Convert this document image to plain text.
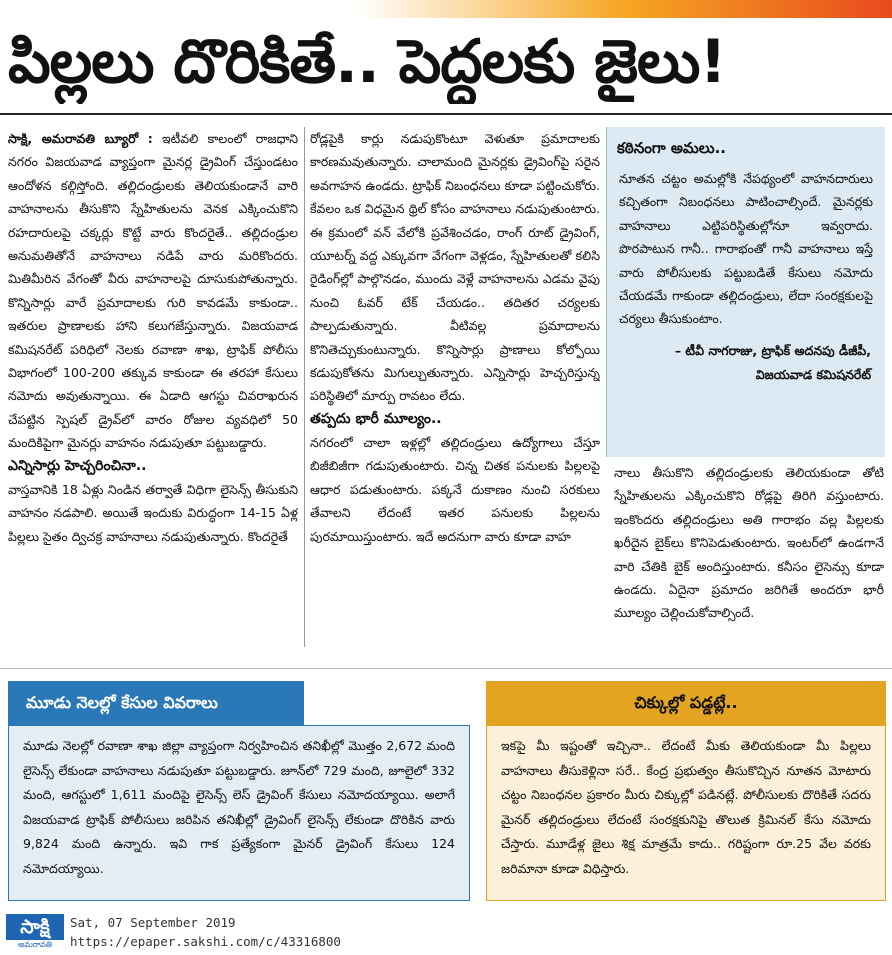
పిల్లలు దొరికితే.. పెద్దలకు జైలు!

సాక్షి, అమరావతి బ్యూరో : ఇటీవలి కాలంలో రాజధాని నగరం విజయవాడ వ్యాప్తంగా మైనర్ల డ్రైవింగ్ చేస్తుండటం ఆందోళన కల్గిస్తోంది. తల్లిదండ్రులకు తెలియకుండానే వారి వాహనాలను తీసుకొని స్నేహితులను వెనక ఎక్కించుకొని రహదారులపై చక్కర్లు కొట్టే వారు కొందరైతే.. తల్లిదండ్రుల అనుమతితోనే వాహనాలు నడిపే వారు మరికొందరు. మితిమీరిన వేగంతో వీరు వాహనాలపై దూసుకుపోతున్నారు. కొన్నిసార్లు వారే ప్రమాదాలకు గురి కావడమే కాకుండా.. ఇతరుల ప్రాణాలకు హాని కలుగజేస్తున్నారు. విజయవాడ కమిషనరేట్ పరిధిలో నెలకు రవాణా శాఖ, ట్రాఫిక్ పోలీసు విభాగంలో 100-200 తక్కువ కాకుండా ఈ తరహా కేసులు నమోదు అవుతున్నాయి. ఈ ఏడాది ఆగస్టు చివరాఖరున చేపట్టిన స్పెషల్ డ్రైవ్‌లో వారం రోజుల వ్యవధిలో 50 మందికిపైగా మైనర్లు వాహనం నడుపుతూ పట్టుబడ్డారు.

ఎన్నిసార్లు హెచ్చరించినా..

వాస్తవానికి 18 ఏళ్లు నిండిన తర్వాతే విధిగా లైసెన్స్ తీసుకుని వాహనం నడపాలి. అయితే ఇందుకు విరుద్ధంగా 14-15 ఏళ్ల పిల్లలు సైతం ద్విచక్ర వాహనాలు నడుపుతున్నారు. కొందరైతే

రోడ్లపైకి కార్లు నడుపుకొంటూ వెళుతూ ప్రమాదాలకు కారణమవుతున్నారు. చాలామంది మైనర్లకు డ్రైవింగ్‌పై సరైన అవగాహన ఉండదు. ట్రాఫిక్ నిబంధనలు కూడా పట్టించుకోరు. కేవలం ఒక విధమైన థ్రిల్ కోసం వాహనాలు నడుపుతుంటారు. ఈ క్రమంలో వన్ వేలోకి ప్రవేశించడం, రాంగ్ రూట్ డ్రైవింగ్, యూటర్న్ వద్ద ఎక్కువగా వేగంగా వెళ్లడం, స్నేహితులతో కలిసి రైడింగ్‌ల్లో పాల్గొనడం, ముందు వెళ్లే వాహనాలను ఎడమ వైపు నుంచి ఓవర్ టేక్ చేయడం.. తదితర చర్యలకు పాల్పడుతున్నారు. వీటివల్ల ప్రమాదాలను కొనితెచ్చుకుంటున్నారు. కొన్నిసార్లు ప్రాణాలు కోల్పోయి కడుపుకోతను మిగుల్చుతున్నారు. ఎన్నిసార్లు హెచ్చరిస్తున్న పరిస్థితిలో మార్పు రావటం లేదు.

తప్పదు భారీ మూల్యం..

నగరంలో చాలా ఇళ్లల్లో తల్లిదండ్రులు ఉద్యోగాలు చేస్తూ బిజీబిజీగా గడుపుతుంటారు. చిన్న చితక పనులకు పిల్లలపై ఆధార పడుతుంటారు. పక్కనే దుకాణం నుంచి సరకులు తేవాలని లేదంటే ఇతర పనులకు పిల్లలను పురమాయిస్తుంటారు. ఇదే అదనుగా వారు కూడా వాహ

కఠినంగా అమలు..
నూతన చట్టం అమల్లోకి నేపథ్యంలో వాహనదారులు కచ్చితంగా నిబంధనలు పాటించాల్సిందే. మైనర్లకు వాహనాలు ఎట్టిపరిస్థితుల్లోనూ ఇవ్వరాదు. పొరపాటున గానీ.. గారాభంతో గానీ వాహనాలు ఇస్తే వారు పోలీసులకు పట్టుబడితే కేసులు నమోదు చేయడమే గాకుండా తల్లిదండ్రులు, లేదా సంరక్షకులపై చర్యలు తీసుకుంటాం.
– టీవీ నాగరాజు, ట్రాఫిక్ అదనపు డీజీపీ,
విజయవాడ కమిషనరేట్

నాలు తీసుకొని తల్లిదండ్రులకు తెలియకుండా తోటి స్నేహితులను ఎక్కించుకొని రోడ్లపై తిరిగి వస్తుంటారు. ఇంకొందరు తల్లిదండ్రులు అతి గారాభం వల్ల పిల్లలకు ఖరీదైన బైక్‌లు కొనిపెడుతుంటారు. ఇంటర్‌లో ఉండగానే వారి చేతికి బైక్ అందిస్తుంటారు. కనీసం లైసెన్సు కూడా ఉండదు. ఏదైనా ప్రమాదం జరిగితే అందరూ భారీ మూల్యం చెల్లించుకోవాల్సిందే.

మూడు నెలల్లో కేసుల వివరాలు
మూడు నెలల్లో రవాణా శాఖ జిల్లా వ్యాప్తంగా నిర్వహించిన తనిఖీల్లో మొత్తం 2,672 మంది లైసెన్స్ లేకుండా వాహనాలు నడుపుతూ పట్టుబడ్డారు. జూన్‌లో 729 మంది, జూలైలో 332 మంది, ఆగస్టులో 1,611 మందిపై లైసెన్స్ లెస్ డ్రైవింగ్ కేసులు నమోదయ్యాయి. అలాగే విజయవాడ ట్రాఫిక్ పోలీసులు జరిపిన తనిఖీల్లో డ్రైవింగ్ లైసెన్స్ లేకుండా దొరికిన వారు 9,824 మంది ఉన్నారు. ఇవి గాక ప్రత్యేకంగా మైనర్ డ్రైవింగ్ కేసులు 124 నమోదయ్యాయి.
చిక్కుల్లో పడ్డట్లే..
ఇకపై మీ ఇష్టంతో ఇచ్చినా.. లేదంటే మీకు తెలియకుండా మీ పిల్లలు వాహనాలు తీసుకెళ్లినా సరే.. కేంద్ర ప్రభుత్వం తీసుకొచ్చిన నూతన మోటారు చట్టం నిబంధనల ప్రకారం మీరు చిక్కుల్లో పడినట్లే. పోలీసులకు దొరికితే సదరు మైనర్ తల్లిదండ్రులు లేదంటే సంరక్షకునిపై తొలుత క్రిమినల్ కేసు నమోదు చేస్తారు. మూడేళ్ల జైలు శిక్ష మాత్రమే కాదు.. గరిష్టంగా రూ.25 వేల వరకు జరిమానా కూడా విధిస్తారు.
సాక్షి
అమరావతి
Sat, 07 September 2019
https://epaper.sakshi.com/c/43316800
